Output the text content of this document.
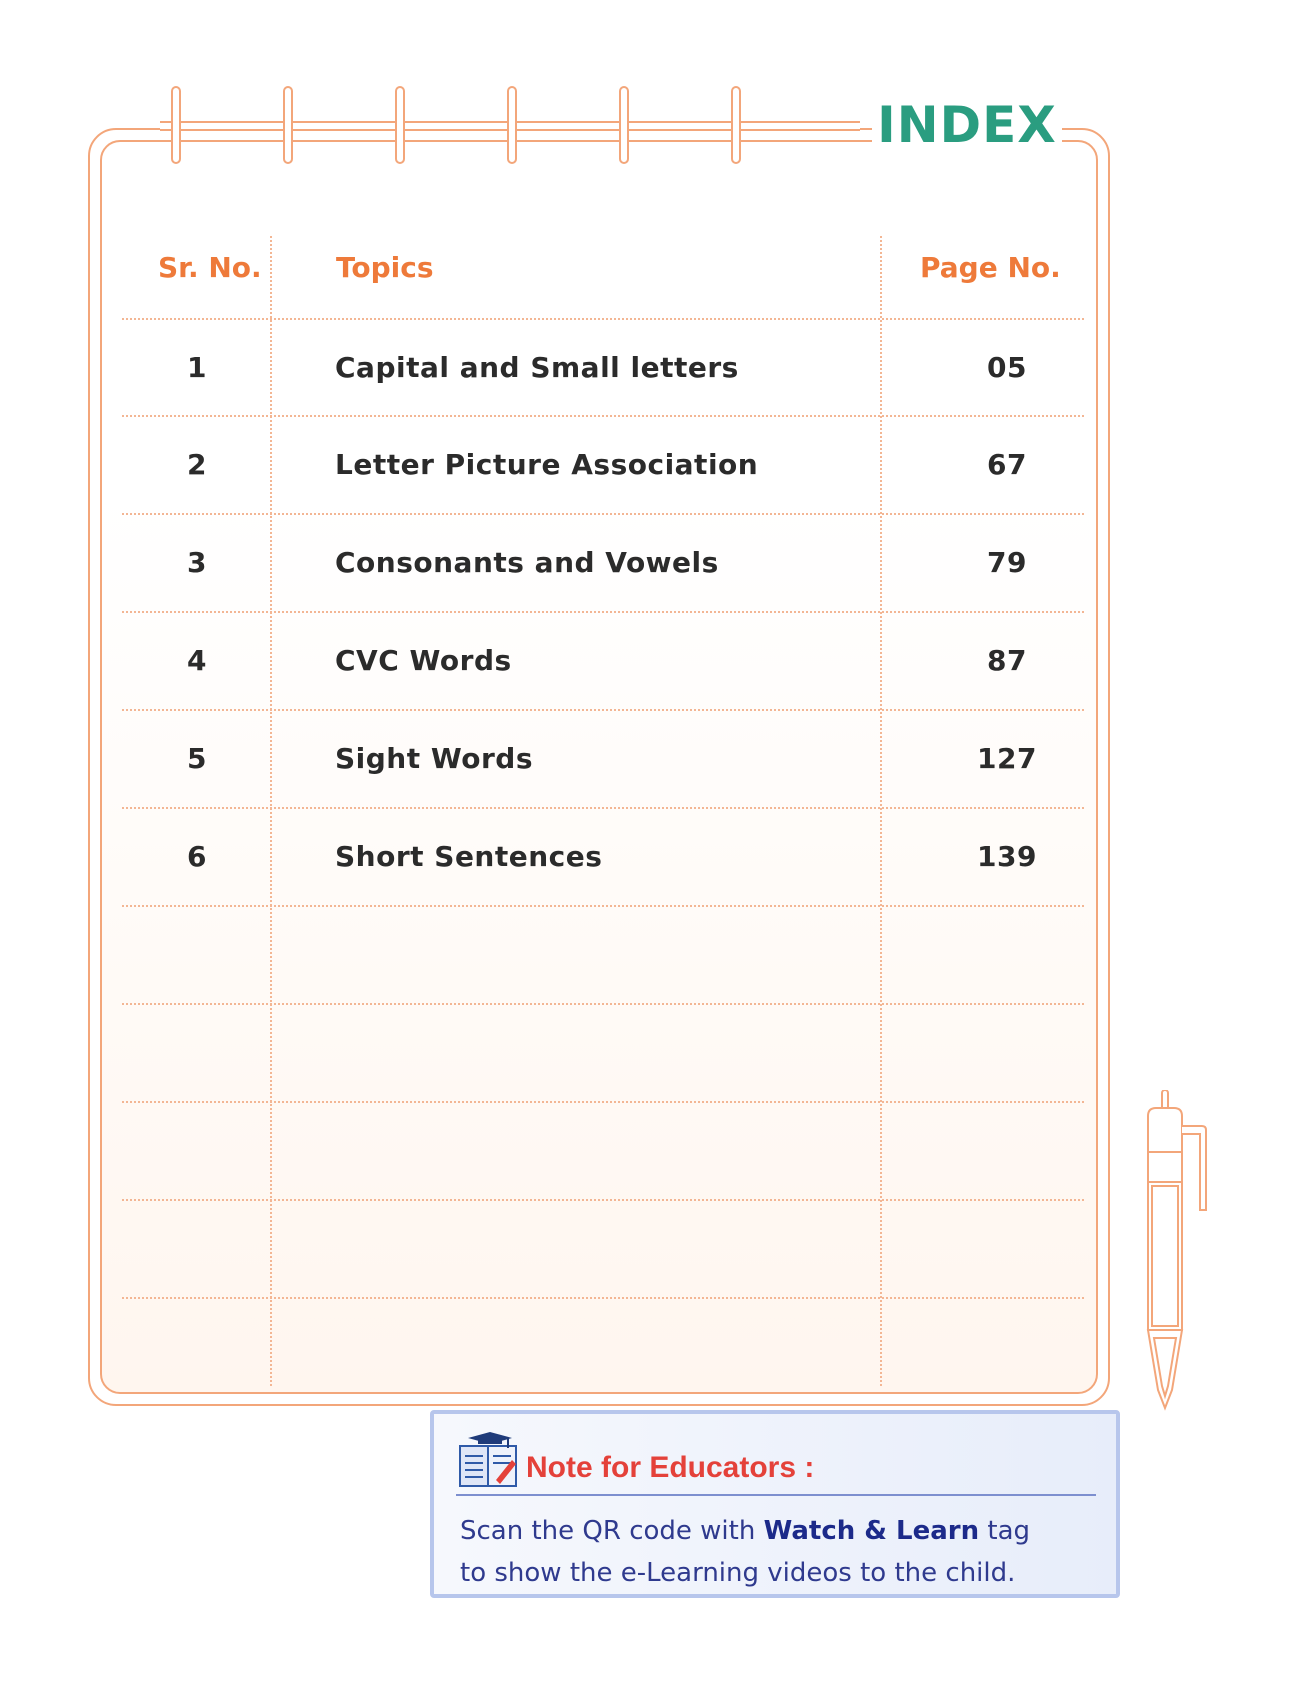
INDEX
Sr. No.	Topics	Page No.
1	Capital and Small letters	05
2	Letter Picture Association	67
3	Consonants and Vowels	79
4	CVC Words	87
5	Sight Words	127
6	Short Sentences	139
Note for Educators :
Scan the QR code with Watch & Learn tag
to show the e-Learning videos to the child.
